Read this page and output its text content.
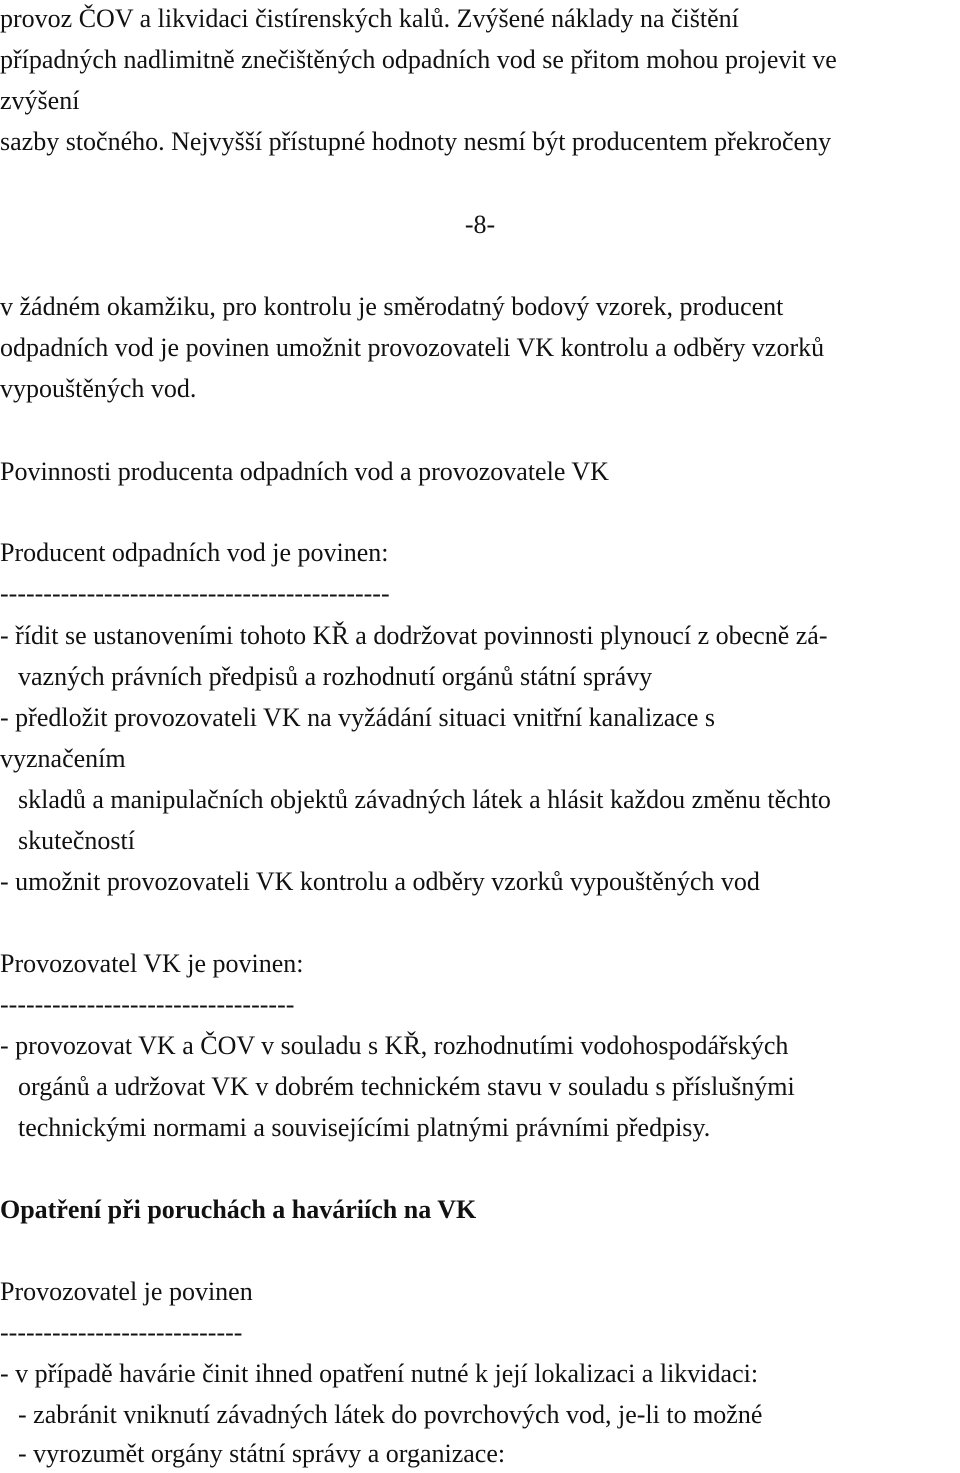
provoz ČOV a likvidaci čistírenských kalů. Zvýšené náklady na čištění
případných nadlimitně znečištěných odpadních vod se přitom mohou projevit ve
zvýšení
sazby stočného. Nejvyšší přístupné hodnoty nesmí být producentem překročeny
-8-
v žádném okamžiku, pro kontrolu je směrodatný bodový vzorek, producent
odpadních vod je povinen umožnit provozovateli VK kontrolu a odběry vzorků
vypouštěných vod.
Povinnosti producenta odpadních vod a provozovatele VK
Producent odpadních vod je povinen:
---------------------------------------------
- řídit se ustanoveními tohoto KŘ a dodržovat povinnosti plynoucí z obecně zá-
vazných právních předpisů a rozhodnutí orgánů státní správy
- předložit provozovateli VK na vyžádání situaci vnitřní kanalizace s
vyznačením
skladů a manipulačních objektů závadných látek a hlásit každou změnu těchto
skutečností
- umožnit provozovateli VK kontrolu a odběry vzorků vypouštěných vod
Provozovatel VK je povinen:
----------------------------------
- provozovat VK a ČOV v souladu s KŘ, rozhodnutími vodohospodářských
orgánů a udržovat VK v dobrém technickém stavu v souladu s příslušnými
technickými normami a souvisejícími platnými právními předpisy.
Opatření při poruchách a haváriích na VK
Provozovatel je povinen
----------------------------
- v případě havárie činit ihned opatření nutné k její lokalizaci a likvidaci:
- zabránit vniknutí závadných látek do povrchových vod, je-li to možné
- vyrozumět orgány státní správy a organizace:
